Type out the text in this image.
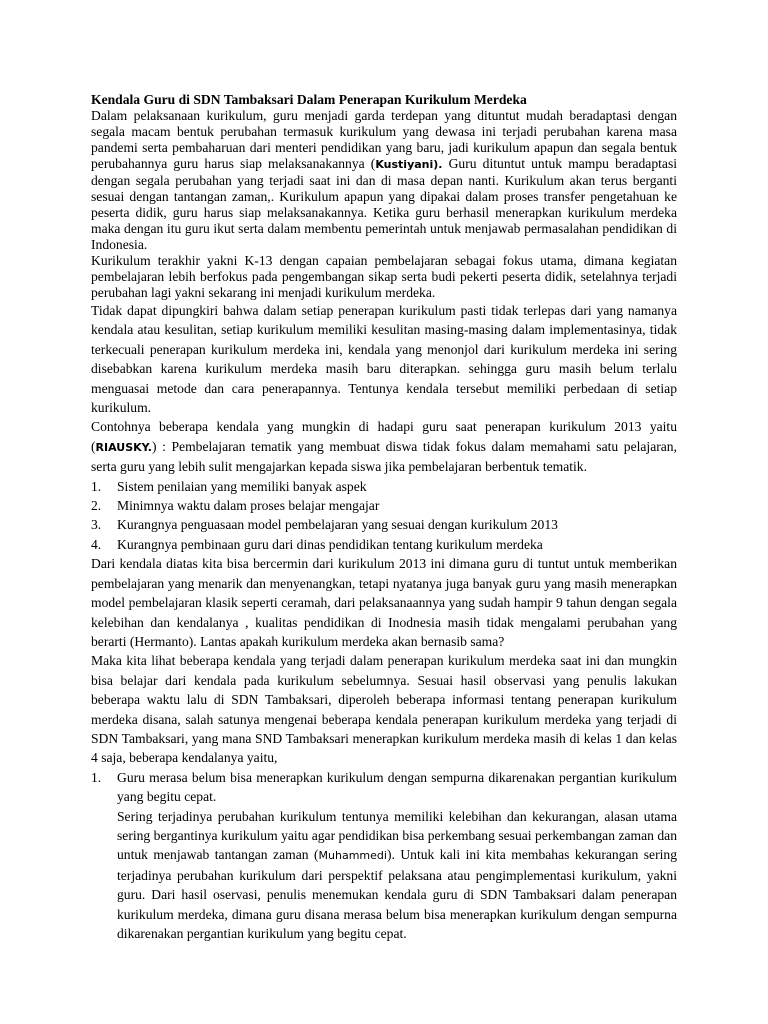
Kendala Guru di SDN Tambaksari Dalam Penerapan Kurikulum Merdeka

Dalam pelaksanaan kurikulum, guru menjadi garda terdepan yang dituntut mudah beradaptasi dengan segala macam bentuk perubahan termasuk kurikulum yang dewasa ini terjadi perubahan karena masa pandemi serta pembaharuan dari menteri pendidikan yang baru, jadi kurikulum apapun dan segala bentuk perubahannya guru harus siap melaksanakannya (Kustiyani). Guru dituntut untuk mampu beradaptasi dengan segala perubahan yang terjadi saat ini dan di masa depan nanti. Kurikulum akan terus berganti sesuai dengan tantangan zaman,. Kurikulum apapun yang dipakai dalam proses transfer pengetahuan ke peserta didik, guru harus siap melaksanakannya. Ketika guru berhasil menerapkan kurikulum merdeka maka dengan itu guru ikut serta dalam membentu pemerintah untuk menjawab permasalahan pendidikan di Indonesia.

Kurikulum terakhir yakni K-13 dengan capaian pembelajaran sebagai fokus utama, dimana kegiatan pembelajaran lebih berfokus pada pengembangan sikap serta budi pekerti peserta didik, setelahnya terjadi perubahan lagi yakni sekarang ini menjadi kurikulum merdeka.

Tidak dapat dipungkiri bahwa dalam setiap penerapan kurikulum pasti tidak terlepas dari yang namanya kendala atau kesulitan, setiap kurikulum memiliki kesulitan masing-masing dalam implementasinya, tidak terkecuali penerapan kurikulum merdeka ini, kendala yang menonjol dari kurikulum merdeka ini sering disebabkan karena kurikulum merdeka masih baru diterapkan. sehingga guru masih belum terlalu menguasai metode dan cara penerapannya. Tentunya kendala tersebut memiliki perbedaan di setiap kurikulum.

Contohnya beberapa kendala yang mungkin di hadapi guru saat penerapan kurikulum 2013 yaitu (RIAUSKY.) : Pembelajaran tematik yang membuat diswa tidak fokus dalam memahami satu pelajaran, serta guru yang lebih sulit mengajarkan kepada siswa jika pembelajaran berbentuk tematik.

1. Sistem penilaian yang memiliki banyak aspek
2. Minimnya waktu dalam proses belajar mengajar
3. Kurangnya penguasaan model pembelajaran yang sesuai dengan kurikulum 2013
4. Kurangnya pembinaan guru dari dinas pendidikan tentang kurikulum merdeka

Dari kendala diatas kita bisa bercermin dari kurikulum 2013 ini dimana guru di tuntut untuk memberikan pembelajaran yang menarik dan menyenangkan, tetapi nyatanya juga banyak guru yang masih menerapkan model pembelajaran klasik seperti ceramah, dari pelaksanaannya yang sudah hampir 9 tahun dengan segala kelebihan dan kendalanya , kualitas pendidikan di Inodnesia masih tidak mengalami perubahan yang berarti (Hermanto). Lantas apakah kurikulum merdeka akan bernasib sama?

Maka kita lihat beberapa kendala yang terjadi dalam penerapan kurikulum merdeka saat ini dan mungkin bisa belajar dari kendala pada kurikulum sebelumnya. Sesuai hasil observasi yang penulis lakukan beberapa waktu lalu di SDN Tambaksari, diperoleh beberapa informasi tentang penerapan kurikulum merdeka disana, salah satunya mengenai beberapa kendala penerapan kurikulum merdeka yang terjadi di SDN Tambaksari, yang mana SND Tambaksari menerapkan kurikulum merdeka masih di kelas 1 dan kelas 4 saja, beberapa kendalanya yaitu,

1. Guru merasa belum bisa menerapkan kurikulum dengan sempurna dikarenakan pergantian kurikulum yang begitu cepat.
Sering terjadinya perubahan kurikulum tentunya memiliki kelebihan dan kekurangan, alasan utama sering bergantinya kurikulum yaitu agar pendidikan bisa perkembang sesuai perkembangan zaman dan untuk menjawab tantangan zaman (Muhammedi). Untuk kali ini kita membahas kekurangan sering terjadinya perubahan kurikulum dari perspektif pelaksana atau pengimplementasi kurikulum, yakni guru. Dari hasil oservasi, penulis menemukan kendala guru di SDN Tambaksari dalam penerapan kurikulum merdeka, dimana guru disana merasa belum bisa menerapkan kurikulum dengan sempurna dikarenakan pergantian kurikulum yang begitu cepat.
